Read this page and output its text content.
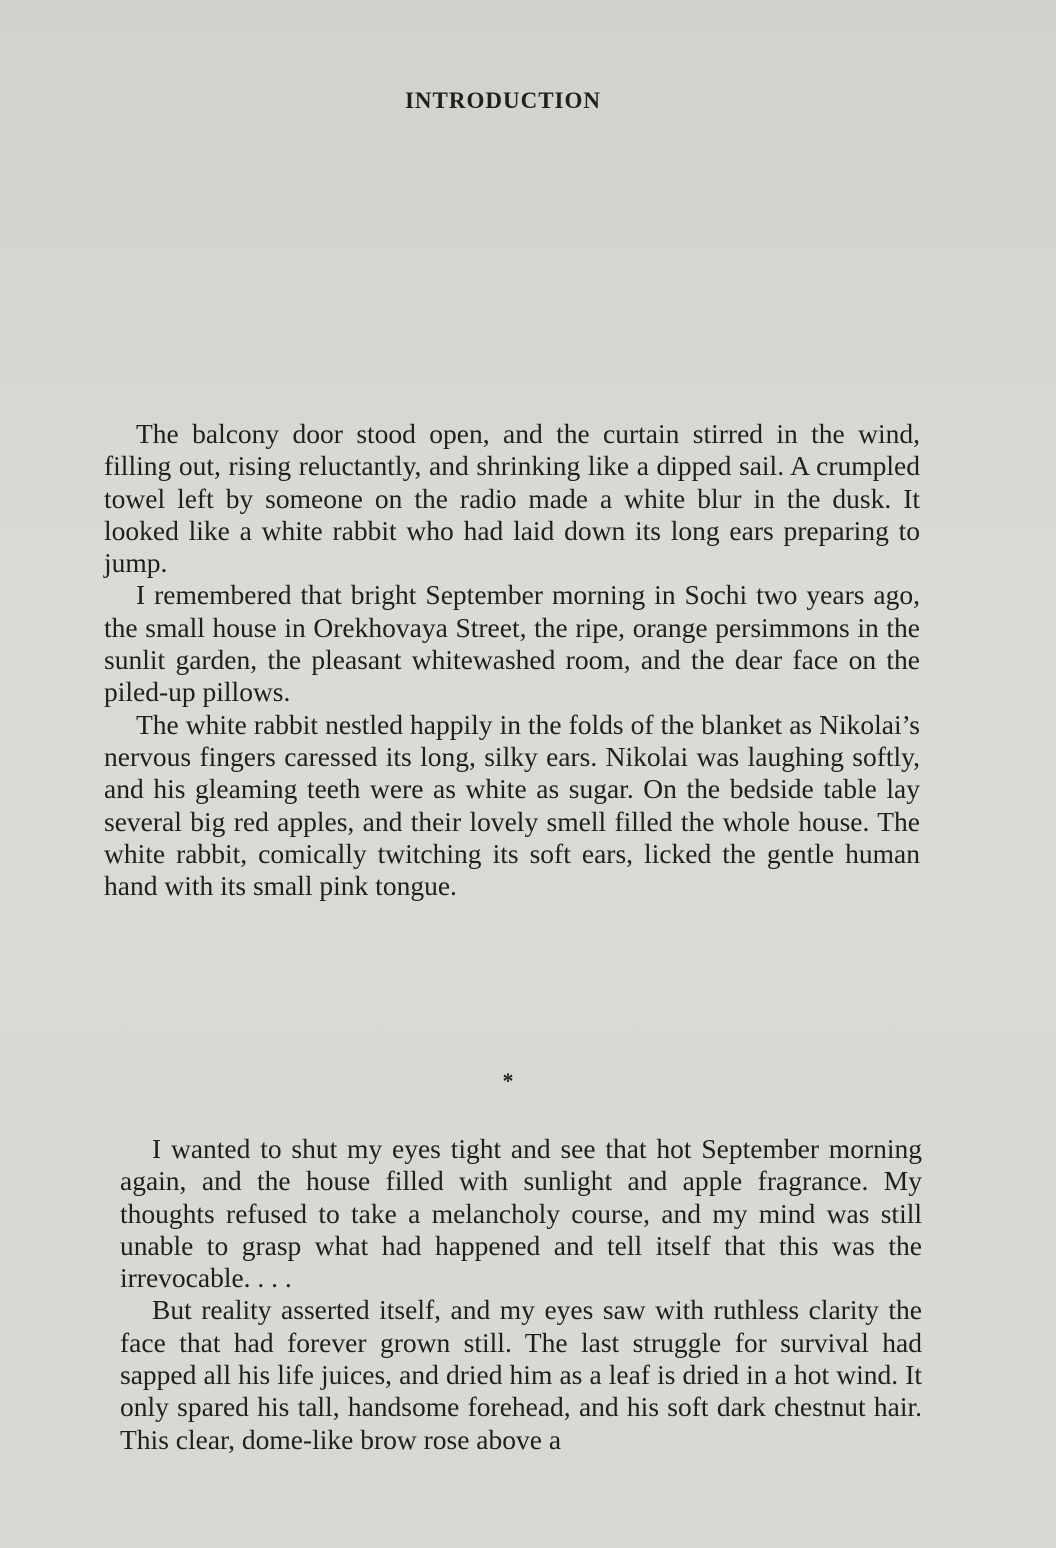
INTRODUCTION

The balcony door stood open, and the curtain stirred in the wind, filling out, rising reluctantly, and shrinking like a dipped sail. A crumpled towel left by someone on the radio made a white blur in the dusk. It looked like a white rabbit who had laid down its long ears preparing to jump.

I remembered that bright September morning in Sochi two years ago, the small house in Orekhovaya Street, the ripe, orange persimmons in the sunlit garden, the pleasant whitewashed room, and the dear face on the piled-up pillows.

The white rabbit nestled happily in the folds of the blanket as Nikolai’s nervous fingers caressed its long, silky ears. Nikolai was laughing softly, and his gleaming teeth were as white as sugar. On the bedside table lay several big red apples, and their lovely smell filled the whole house. The white rabbit, comically twitching its soft ears, licked the gentle human hand with its small pink tongue.

*

I wanted to shut my eyes tight and see that hot September morning again, and the house filled with sunlight and apple fragrance. My thoughts refused to take a melancholy course, and my mind was still unable to grasp what had happened and tell itself that this was the irrevocable. . . .

But reality asserted itself, and my eyes saw with ruthless clarity the face that had forever grown still. The last struggle for survival had sapped all his life juices, and dried him as a leaf is dried in a hot wind. It only spared his tall, handsome forehead, and his soft dark chestnut hair. This clear, dome-like brow rose above a
